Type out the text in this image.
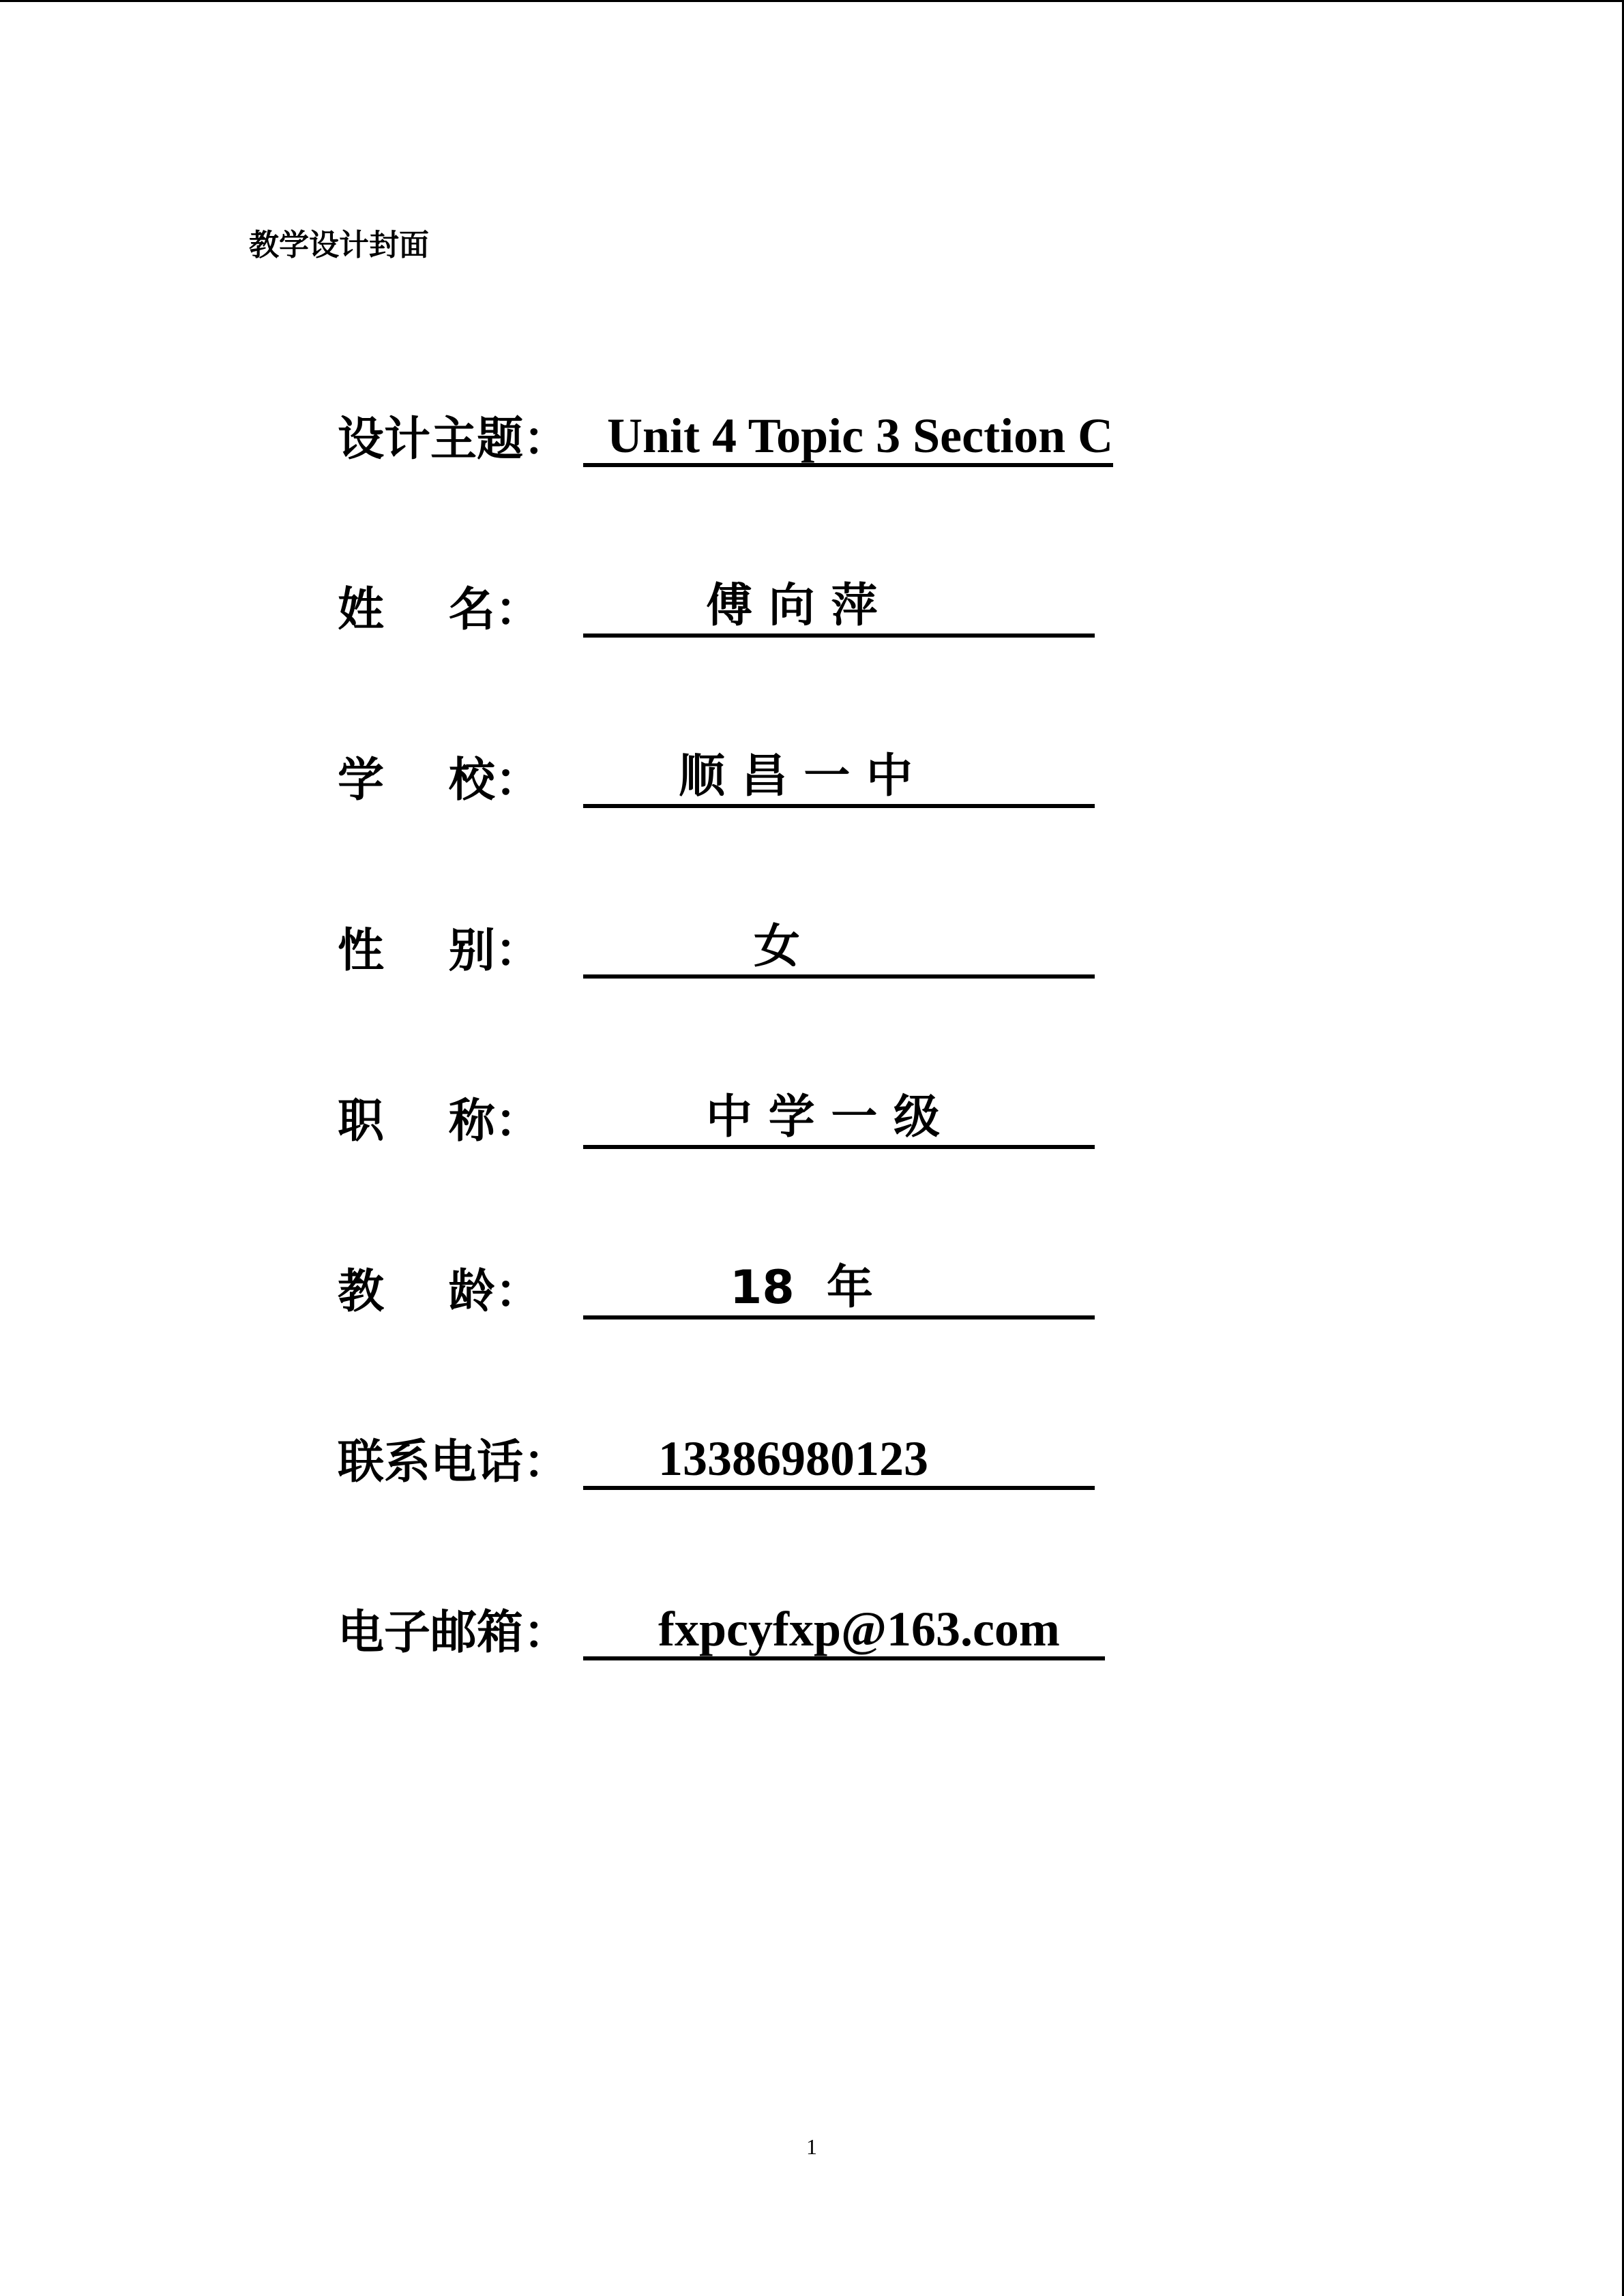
教学设计封面
设计主题： Unit 4 Topic 3 Section C
姓    名：	傅 向 萍
学    校：	顺 昌 一 中
性    别：	女
职    称：	中 学 一 级
教    龄：	18  年
联系电话： 13386980123
电子邮箱： fxpcyfxp@163.com
1
